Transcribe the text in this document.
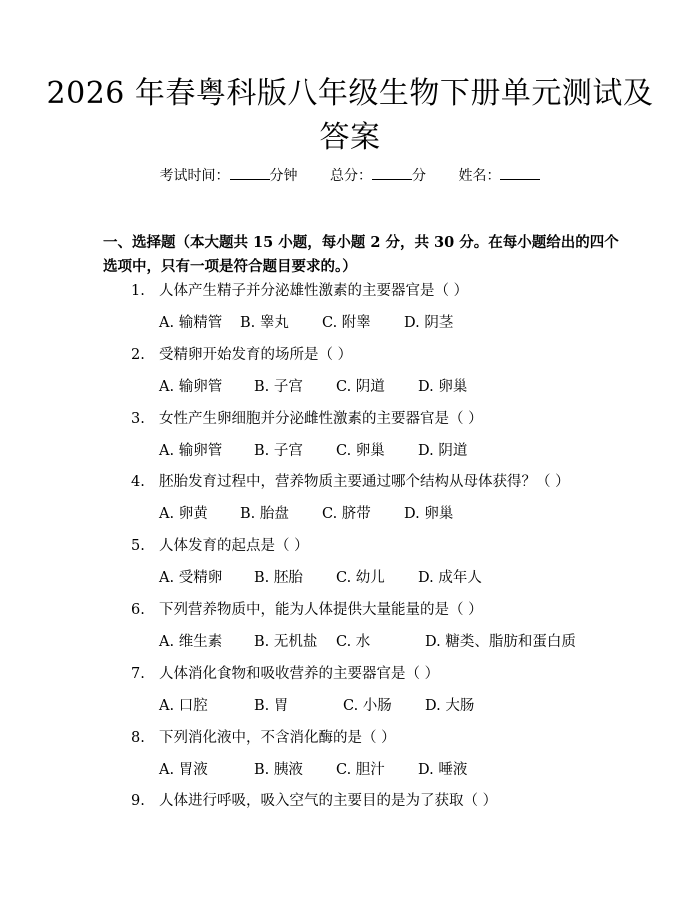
2026 年春粤科版八年级生物下册单元测试及
答案
考试时间：	分钟 总分：	分 姓名：
一、选择题（本大题共 15 小题，每小题 2 分，共 30 分。在每小题给出的四个选项中，只有一项是符合题目要求的。）
1. 人体产生精子并分泌雄性激素的主要器官是（ ）
A. 输精管 B. 睾丸 C. 附睾 D. 阴茎
2. 受精卵开始发育的场所是（ ）
A. 输卵管 B. 子宫 C. 阴道 D. 卵巢
3. 女性产生卵细胞并分泌雌性激素的主要器官是（ ）
A. 输卵管 B. 子宫 C. 卵巢 D. 阴道
4. 胚胎发育过程中，营养物质主要通过哪个结构从母体获得？（ ）
A. 卵黄 B. 胎盘 C. 脐带 D. 卵巢
5. 人体发育的起点是（ ）
A. 受精卵 B. 胚胎 C. 幼儿 D. 成年人
6. 下列营养物质中，能为人体提供大量能量的是（ ）
A. 维生素 B. 无机盐 C. 水	D. 糖类、脂肪和蛋白质
7. 人体消化食物和吸收营养的主要器官是（ ）
A. 口腔	B. 胃	C. 小肠 D. 大肠
8. 下列消化液中，不含消化酶的是（ ）
A. 胃液	B. 胰液 C. 胆汁 D. 唾液
9. 人体进行呼吸，吸入空气的主要目的是为了获取（ ）
